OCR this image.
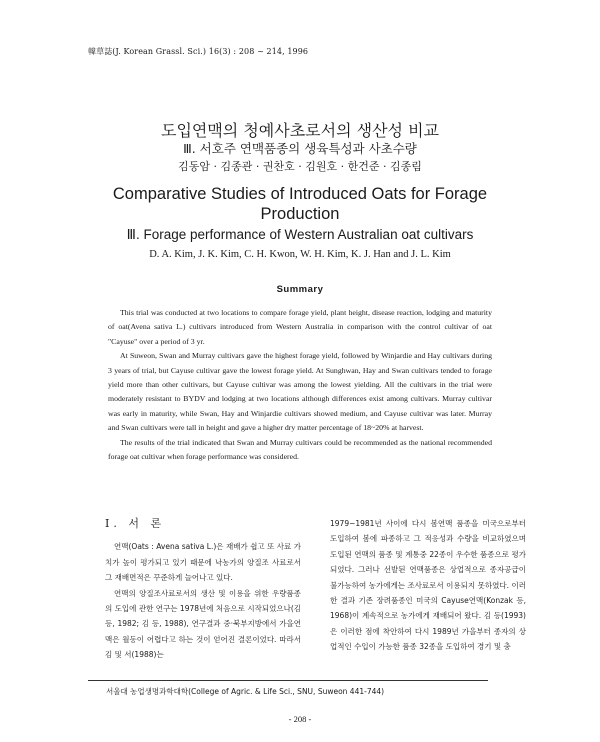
韓草誌(J. Korean Grassl. Sci.) 16(3) : 208 ~ 214, 1996
도입연맥의 청예사초로서의 생산성 비교
Ⅲ. 서호주 연맥품종의 생육특성과 사초수량
김동암 · 김종관 · 권찬호 · 김원호 · 한건준 · 김종림
Comparative Studies of Introduced Oats for Forage
Production
Ⅲ. Forage performance of Western Australian oat cultivars
D. A. Kim, J. K. Kim, C. H. Kwon, W. H. Kim, K. J. Han and J. L. Kim
Summary

This trial was conducted at two locations to compare forage yield, plant height, disease reaction, lodging and maturity of oat(Avena sativa L.) cultivars introduced from Western Australia in comparison with the control cultivar of oat "Cayuse" over a period of 3 yr.

At Suweon, Swan and Murray cultivars gave the highest forage yield, followed by Winjardie and Hay cultivars during 3 years of trial, but Cayuse cultivar gave the lowest forage yield. At Sunghwan, Hay and Swan cultivars tended to forage yield more than other cultivars, but Cayuse cultivar was among the lowest yielding. All the cultivars in the trial were moderately resistant to BYDV and lodging at two locations although differences exist among cultivars. Murray cultivar was early in maturity, while Swan, Hay and Winjardie cultivars showed medium, and Cayuse cultivar was later. Murray and Swan cultivars were tall in height and gave a higher dry matter percentage of 18~20% at harvest.

The results of the trial indicated that Swan and Murray cultivars could be recommended as the national recommended forage oat cultivar when forage performance was considered.

Ⅰ. 서 론

연맥(Oats : Avena sativa L.)은 재배가 쉽고 또 사료 가치가 높이 평가되고 있기 때문에 낙농가의 양질조 사료로서 그 재배면적은 꾸준하게 늘어나고 있다.

연맥의 양질조사료로서의 생산 및 이용을 위한 우량품종의 도입에 관한 연구는 1978년에 처음으로 시작되었으나(김 등, 1982; 김 등, 1988), 연구결과 중·북부지방에서 가을연맥은 월동이 어렵다고 하는 것이 얻어진 결론이었다. 따라서 김 및 서(1988)는

1979~1981년 사이에 다시 봄연맥 품종을 미국으로부터 도입하여 봄에 파종하고 그 적응성과 수량을 비교하였으며 도입된 연맥의 품종 및 계통중 22종이 우수한 품종으로 평가되었다. 그러나 선발된 연맥품종은 상업적으로 종자공급이 불가능하여 농가에게는 조사료로서 이용되지 못하였다. 이러한 결과 기존 장려품종인 미국의 Cayuse연맥(Konzak 등, 1968)이 계속적으로 농가에게 재배되어 왔다. 김 등(1993)은 이러한 점에 착안하여 다시 1989년 가을부터 종자의 상업적인 수입이 가능한 품종 32종을 도입하여 경기 및 충

서울대 농업생명과학대학(College of Agric. & Life Sci., SNU, Suweon 441-744)
- 208 -
